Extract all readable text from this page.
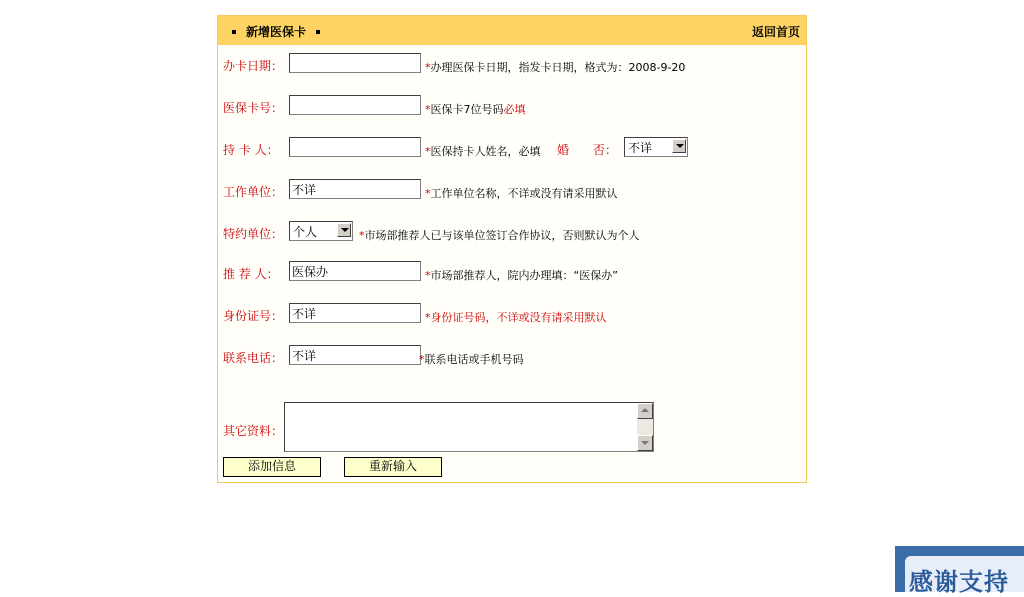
新增医保卡	返回首页
办卡日期：	*办理医保卡日期，指发卡日期，格式为：2008-9-20
医保卡号：	*医保卡7位号码必填
持 卡 人：	*医保持卡人姓名，必填 婚　　否： 不详
工作单位：
不详	*工作单位名称，不详或没有请采用默认
特约单位： 个人	*市场部推荐人已与该单位签订合作协议，否则默认为个人
推 荐 人：
医保办	*市场部推荐人，院内办理填：“医保办”
身份证号：
不详	*身份证号码，不详或没有请采用默认
联系电话：
不详	*联系电话或手机号码
其它资料：
添加信息	重新输入
感谢支持
